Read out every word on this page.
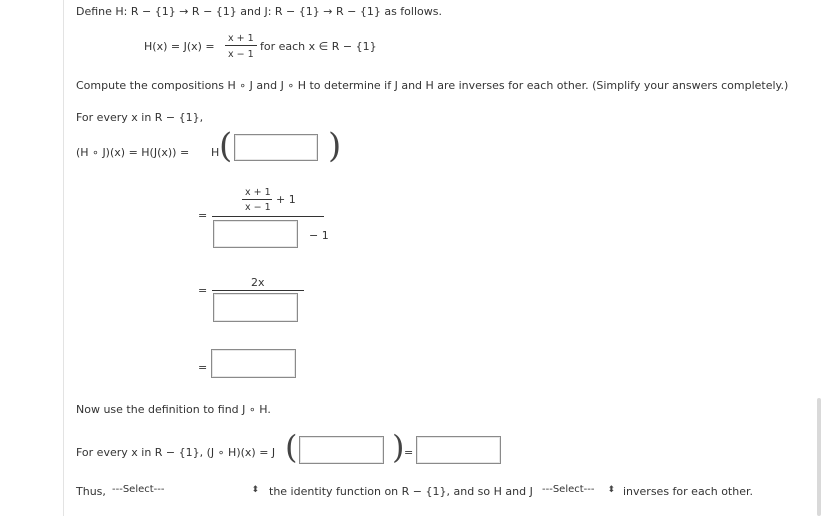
Define H: R − {1} → R − {1} and J: R − {1} → R − {1} as follows.
H(x) = J(x) =
x + 1
x − 1
for each x ∈ R − {1}
Compute the compositions H ∘ J and J ∘ H to determine if J and H are inverses for each other. (Simplify your answers completely.)
For every x in R − {1},
(H ∘ J)(x) = H(J(x)) = H (	)
x + 1
x − 1
+ 1
=
− 1
2x
=
=
Now use the definition to find J ∘ H.
For every x in R − {1}, (J ∘ H)(x) = J (	) =
Thus, ---Select---	⬍ the identity function on R − {1}, and so H and J ---Select--- ⬍ inverses for each other.
